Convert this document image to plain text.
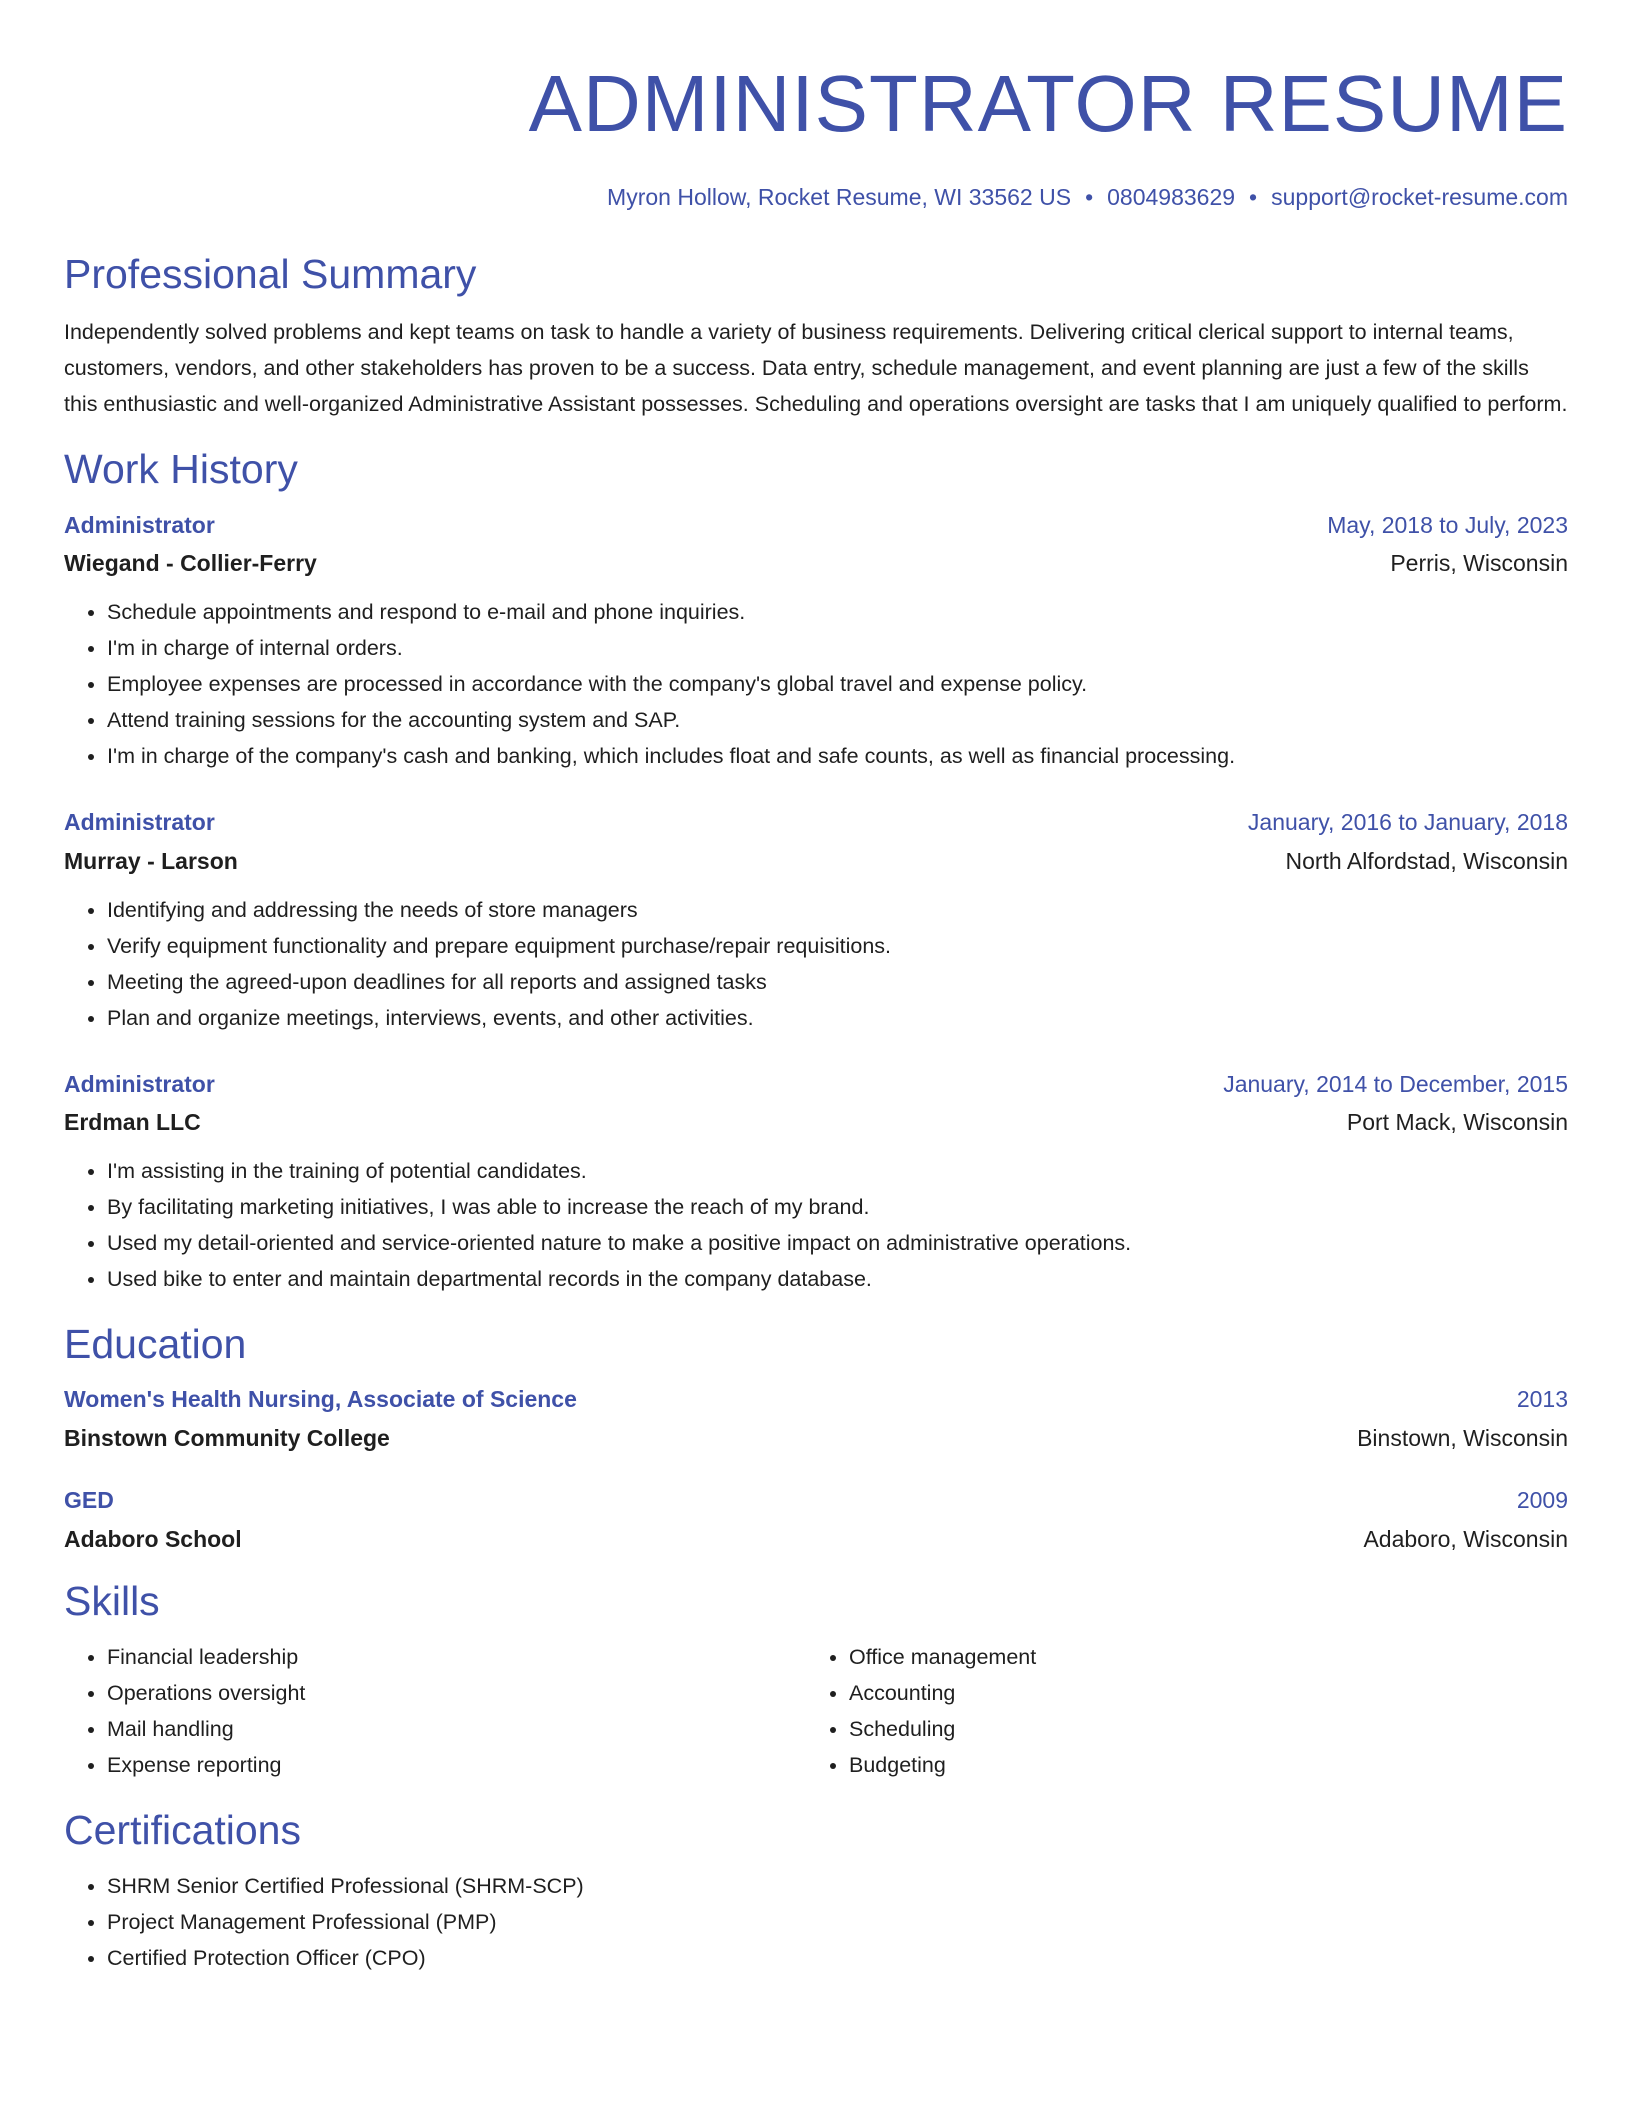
ADMINISTRATOR RESUME
Myron Hollow, Rocket Resume, WI 33562 US • 0804983629 • support@rocket-resume.com
Professional Summary

Independently solved problems and kept teams on task to handle a variety of business requirements. Delivering critical clerical support to internal teams, customers, vendors, and other stakeholders has proven to be a success. Data entry, schedule management, and event planning are just a few of the skills this enthusiastic and well-organized Administrative Assistant possesses. Scheduling and operations oversight are tasks that I am uniquely qualified to perform.

Work History
Administrator	May, 2018 to July, 2023
Wiegand - Collier-Ferry	Perris, Wisconsin
• Schedule appointments and respond to e-mail and phone inquiries.
• I'm in charge of internal orders.
• Employee expenses are processed in accordance with the company's global travel and expense policy.
• Attend training sessions for the accounting system and SAP.
• I'm in charge of the company's cash and banking, which includes float and safe counts, as well as financial processing.
Administrator	January, 2016 to January, 2018
Murray - Larson	North Alfordstad, Wisconsin
• Identifying and addressing the needs of store managers
• Verify equipment functionality and prepare equipment purchase/repair requisitions.
• Meeting the agreed-upon deadlines for all reports and assigned tasks
• Plan and organize meetings, interviews, events, and other activities.
Administrator	January, 2014 to December, 2015
Erdman LLC	Port Mack, Wisconsin
• I'm assisting in the training of potential candidates.
• By facilitating marketing initiatives, I was able to increase the reach of my brand.
• Used my detail-oriented and service-oriented nature to make a positive impact on administrative operations.
• Used bike to enter and maintain departmental records in the company database.
Education
Women's Health Nursing, Associate of Science	2013
Binstown Community College	Binstown, Wisconsin
GED	2009
Adaboro School	Adaboro, Wisconsin
Skills
• Financial leadership
• Operations oversight
• Mail handling
• Expense reporting
• Office management
• Accounting
• Scheduling
• Budgeting
Certifications
• SHRM Senior Certified Professional (SHRM-SCP)
• Project Management Professional (PMP)
• Certified Protection Officer (CPO)
